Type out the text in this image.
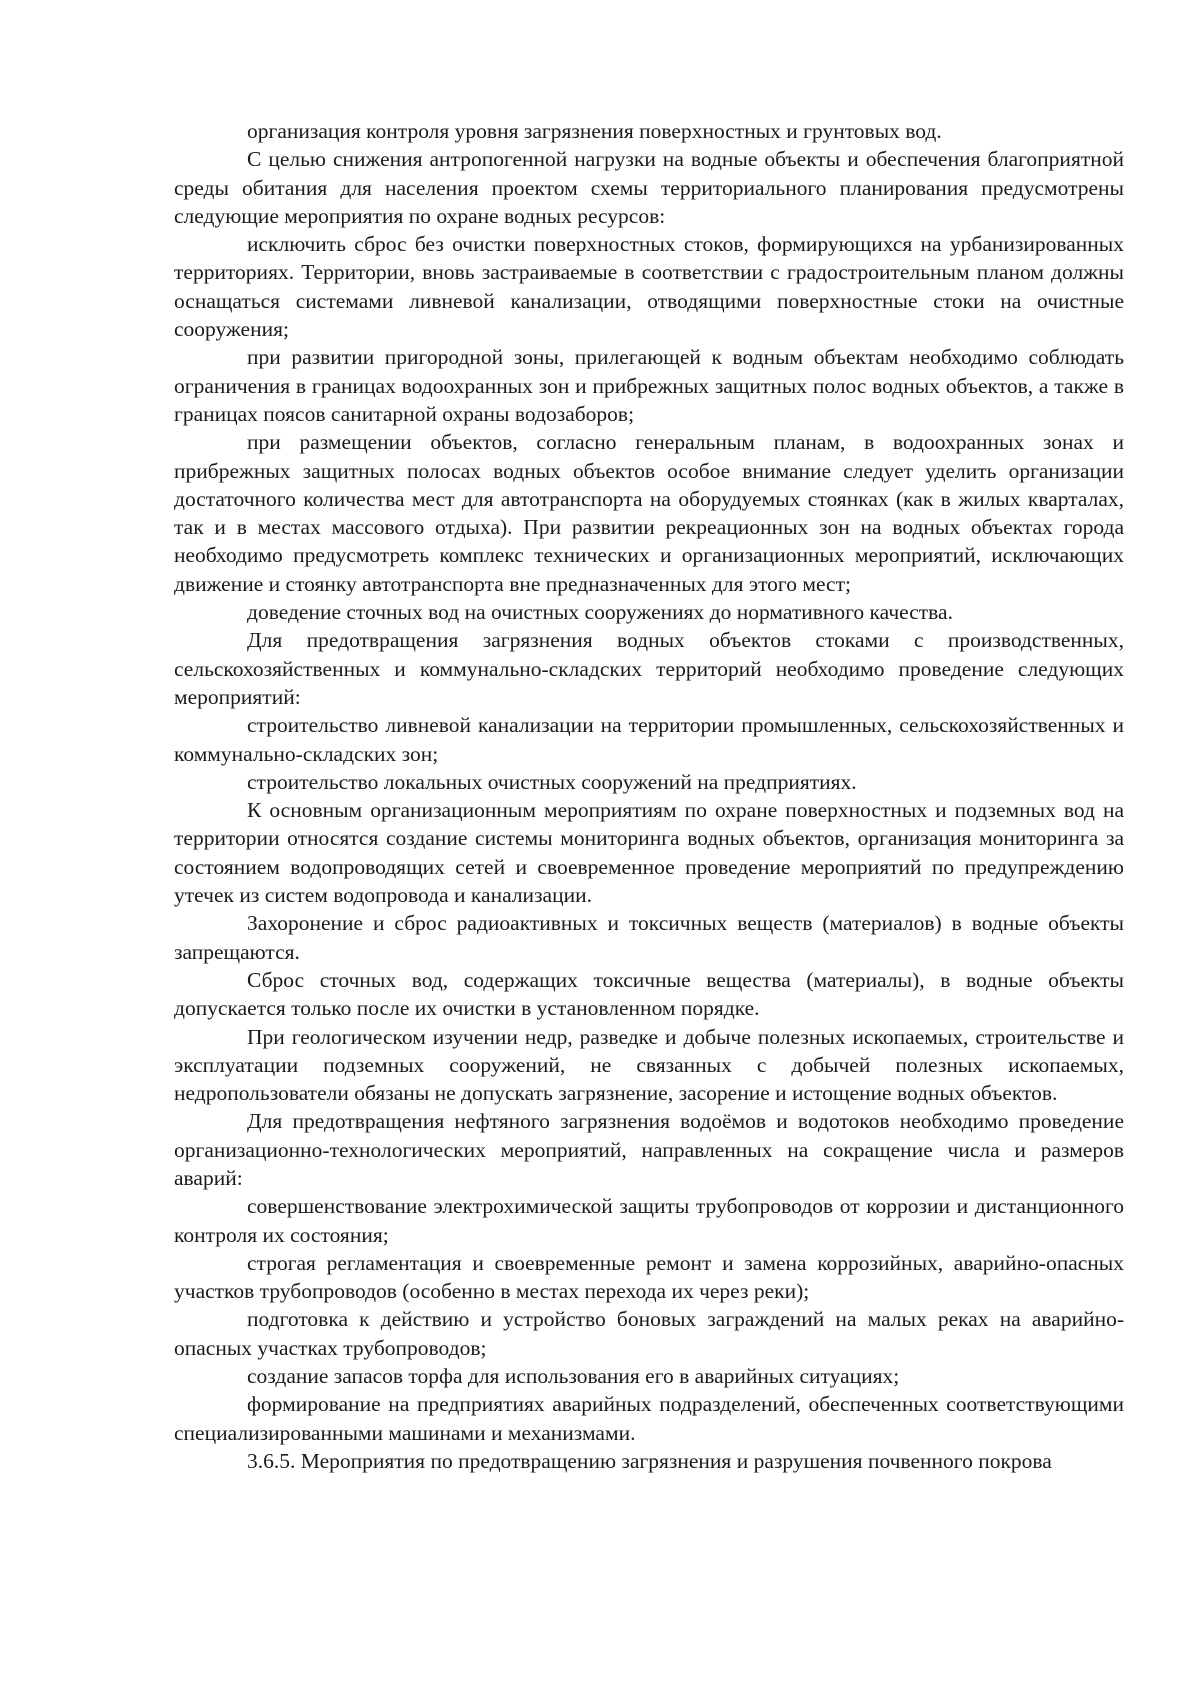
организация контроля уровня загрязнения поверхностных и грунтовых вод.

С целью снижения антропогенной нагрузки на водные объекты и обеспечения благоприятной среды обитания для населения проектом схемы территориального планирования предусмотрены следующие мероприятия по охране водных ресурсов:

исключить сброс без очистки поверхностных стоков, формирующихся на урбанизированных территориях. Территории, вновь застраиваемые в соответствии с градостроительным планом должны оснащаться системами ливневой канализации, отводящими поверхностные стоки на очистные сооружения;

при развитии пригородной зоны, прилегающей к водным объектам необходимо соблюдать ограничения в границах водоохранных зон и прибрежных защитных полос водных объектов, а также в границах поясов санитарной охраны водозаборов;

при размещении объектов, согласно генеральным планам, в водоохранных зонах и прибрежных защитных полосах водных объектов особое внимание следует уделить организации достаточного количества мест для автотранспорта на оборудуемых стоянках (как в жилых кварталах, так и в местах массового отдыха). При развитии рекреационных зон на водных объектах города необходимо предусмотреть комплекс технических и организационных мероприятий, исключающих движение и стоянку автотранспорта вне предназначенных для этого мест;

доведение сточных вод на очистных сооружениях до нормативного качества.

Для предотвращения загрязнения водных объектов стоками с производственных, сельскохозяйственных и коммунально-складских территорий необходимо проведение следующих мероприятий:

строительство ливневой канализации на территории промышленных, сельскохозяйственных и коммунально-складских зон;

строительство локальных очистных сооружений на предприятиях.

К основным организационным мероприятиям по охране поверхностных и подземных вод на территории относятся создание системы мониторинга водных объектов, организация мониторинга за состоянием водопроводящих сетей и своевременное проведение мероприятий по предупреждению утечек из систем водопровода и канализации.

Захоронение и сброс радиоактивных и токсичных веществ (материалов) в водные объекты запрещаются.

Сброс сточных вод, содержащих токсичные вещества (материалы), в водные объекты допускается только после их очистки в установленном порядке.

При геологическом изучении недр, разведке и добыче полезных ископаемых, строительстве и эксплуатации подземных сооружений, не связанных с добычей полезных ископаемых, недропользователи обязаны не допускать загрязнение, засорение и истощение водных объектов.

Для предотвращения нефтяного загрязнения водоёмов и водотоков необходимо проведение организационно-технологических мероприятий, направленных на сокращение числа и размеров аварий:

совершенствование электрохимической защиты трубопроводов от коррозии и дистанционного контроля их состояния;

строгая регламентация и своевременные ремонт и замена коррозийных, аварийно-опасных участков трубопроводов (особенно в местах перехода их через реки);

подготовка к действию и устройство боновых заграждений на малых реках на аварийно-опасных участках трубопроводов;

создание запасов торфа для использования его в аварийных ситуациях;

формирование на предприятиях аварийных подразделений, обеспеченных соответствующими специализированными машинами и механизмами.

3.6.5. Мероприятия по предотвращению загрязнения и разрушения почвенного покрова
